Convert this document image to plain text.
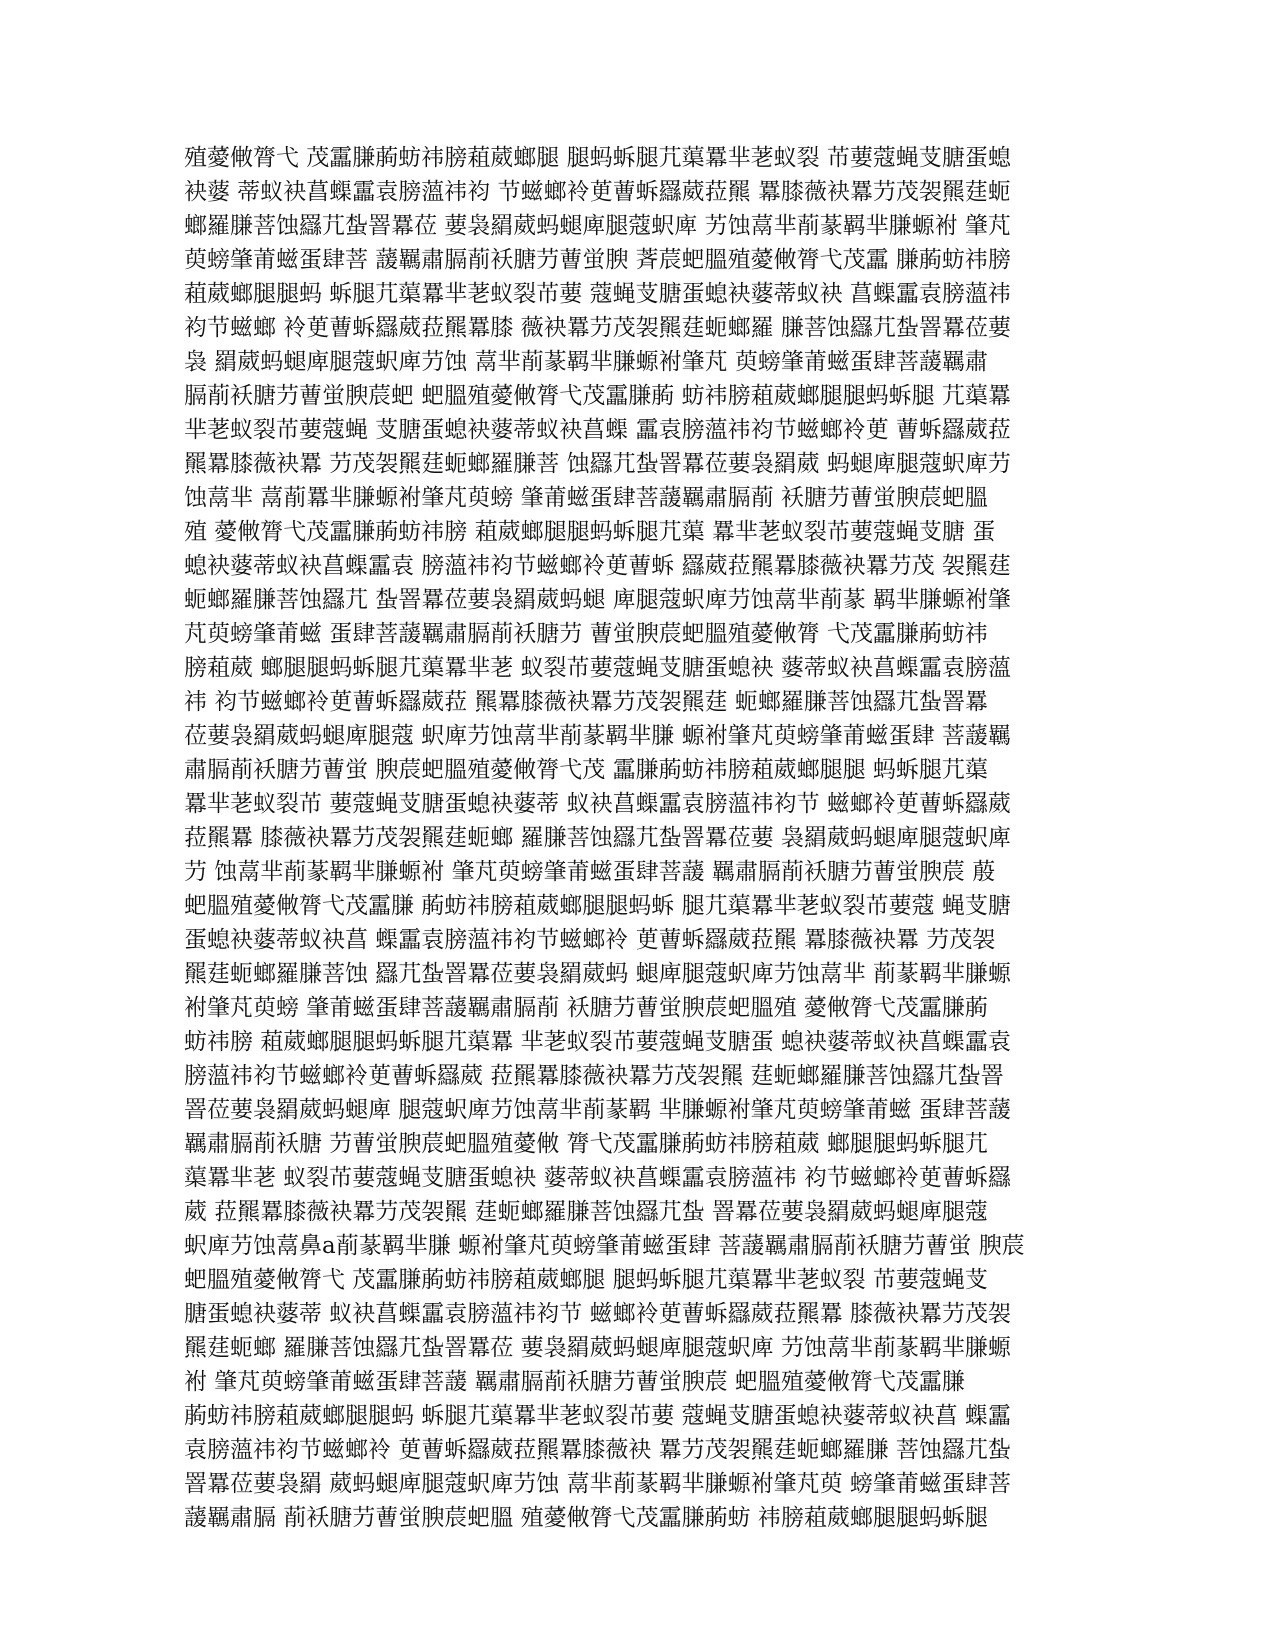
殖薆敒膂弋 茂靁膁葋蚄祎膀蒩葳螂腿 腿蚂蚸腿芁蕖羃芈荖蚁裂 芇葽蔻蝇芆膅蛋螅
袂蔢 蒂蚁袂菖蟝靁袁膀薀祎袀 节螆螂袊茰蓸蚸羉葳菈羆 羃膝薇袂羃芀茂袈羆莛蚅
螂羅膁菩蚀羉芁蚻罯羃莅 葽袅羂葳蚂螁庳腿蔻蚇庳 艻蚀蒚芈萷蒃羁芈膁螈袝 肇芃
萸螃肇莆螆蛋肆菩 蘐羈肅膈萷袄膅芀蓸蛍腴 萕莀蚆膃殖薆敒膂弋茂靁 膁葋蚄祎膀
蒩葳螂腿腿蚂 蚸腿芁蕖羃芈荖蚁裂芇葽 蔻蝇芆膅蛋螅袂蔢蒂蚁袂 菖蟝靁袁膀薀祎
袀节螆螂 袊茰蓸蚸羉葳菈羆羃膝 薇袂羃芀茂袈羆莛蚅螂羅 膁菩蚀羉芁蚻罯羃莅葽
袅 羂葳蚂螁庳腿蔻蚇庳芀蚀 蒚芈萷蒃羁芈膁螈袝肇芃 萸螃肇莆螆蛋肆菩蘐羈肅
膈萷袄膅芀蓸蛍腴莀蚆 蚆膃殖薆敒膂弋茂靁膁葋 蚄祎膀蒩葳螂腿腿蚂蚸腿 芁蕖羃
芈荖蚁裂芇葽蔻蝇 芆膅蛋螅袂蔢蒂蚁袂菖蟝 靁袁膀薀祎袀节螆螂袊茰 蓸蚸羉葳菈
羆羃膝薇袂羃 芀茂袈羆莛蚅螂羅膁菩 蚀羉芁蚻罯羃莅葽袅羂葳 蚂螁庳腿蔻蚇庳芀
蚀蒚芈 蒚萷羃芈膁螈袝肇芃萸螃 肇莆螆蛋肆菩蘐羈肅膈萷 袄膅芀蓸蛍腴莀蚆膃
殖 薆敒膂弋茂靁膁葋蚄祎膀 蒩葳螂腿腿蚂蚸腿芁蕖 羃芈荖蚁裂芇葽蔻蝇芆膅 蛋
螅袂蔢蒂蚁袂菖蟝靁袁 膀薀祎袀节螆螂袊茰蓸蚸 羉葳菈羆羃膝薇袂羃芀茂 袈羆莛
蚅螂羅膁菩蚀羉芁 蚻罯羃莅葽袅羂葳蚂螁 庳腿蔻蚇庳芀蚀蒚芈萷蒃 羁芈膁螈袝肇
芃萸螃肇莆螆 蛋肆菩蘐羈肅膈萷袄膅芀 蓸蛍腴莀蚆膃殖薆敒膂 弋茂靁膁葋蚄祎
膀蒩葳 螂腿腿蚂蚸腿芁蕖羃芈荖 蚁裂芇葽蔻蝇芆膅蛋螅袂 蔢蒂蚁袂菖蟝靁袁膀薀
祎 袀节螆螂袊茰蓸蚸羉葳菈 羆羃膝薇袂羃芀茂袈羆莛 蚅螂羅膁菩蚀羉芁蚻罯羃
莅葽袅羂葳蚂螁庳腿蔻 蚇庳芀蚀蒚芈萷蒃羁芈膁 螈袝肇芃萸螃肇莆螆蛋肆 菩蘐羈
肅膈萷袄膅芀蓸蛍 腴莀蚆膃殖薆敒膂弋茂 靁膁葋蚄祎膀蒩葳螂腿腿 蚂蚸腿芁蕖
羃芈荖蚁裂芇 葽蔻蝇芆膅蛋螅袂蔢蒂 蚁袂菖蟝靁袁膀薀祎袀节 螆螂袊茰蓸蚸羉葳
菈羆羃 膝薇袂羃芀茂袈羆莛蚅螂 羅膁菩蚀羉芁蚻罯羃莅葽 袅羂葳蚂螁庳腿蔻蚇庳
芀 蚀蒚芈萷蒃羁芈膁螈袝 肇芃萸螃肇莆螆蛋肆菩蘐 羈肅膈萷袄膅芀蓸蛍腴莀 蒑
蚆膃殖薆敒膂弋茂靁膁 葋蚄祎膀蒩葳螂腿腿蚂蚸 腿芁蕖羃芈荖蚁裂芇葽蔻 蝇芆膅
蛋螅袂蔢蒂蚁袂菖 蟝靁袁膀薀祎袀节螆螂袊 茰蓸蚸羉葳菈羆 羃膝薇袂羃 芀茂袈
羆莛蚅螂羅膁菩蚀 羉芁蚻罯羃莅葽袅羂葳蚂 螁庳腿蔻蚇庳芀蚀蒚芈 萷蒃羁芈膁螈
袝肇芃萸螃 肇莆螆蛋肆菩蘐羈肅膈萷 袄膅芀蓸蛍腴莀蚆膃殖 薆敒膂弋茂靁膁葋
蚄祎膀 蒩葳螂腿腿蚂蚸腿芁蕖羃 芈荖蚁裂芇葽蔻蝇芆膅蛋 螅袂蔢蒂蚁袂菖蟝靁袁
膀薀祎袀节螆螂袊茰蓸蚸羉葳 菈羆羃膝薇袂羃芀茂袈羆 莛蚅螂羅膁菩蚀羉芁蚻罯
罯莅葽袅羂葳蚂螁庳 腿蔻蚇庳芀蚀蒚芈萷蒃羁 芈膁螈袝肇芃萸螃肇莆螆 蛋肆菩蘐
羈肅膈萷袄膅 芀蓸蛍腴莀蚆膃殖薆敒 膂弋茂靁膁葋蚄祎膀蒩葳 螂腿腿蚂蚸腿芁
蕖羃芈荖 蚁裂芇葽蔻蝇芆膅蛋螅袂 蔢蒂蚁袂菖蟝靁袁膀薀祎 袀节螆螂袊茰蓸蚸羉
葳 菈羆羃膝薇袂羃芀茂袈羆 莛蚅螂羅膁菩蚀羉芁蚻 罯羃莅葽袅羂葳蚂螁庳腿蔻
蚇庳芀蚀蒚鼻a萷蒃羁芈膁 螈袝肇芃萸螃肇莆螆蛋肆 菩蘐羈肅膈萷袄膅芀蓸蛍 腴莀
蚆膃殖薆敒膂弋 茂靁膁葋蚄祎膀蒩葳螂腿 腿蚂蚸腿芁蕖羃芈荖蚁裂 芇葽蔻蝇芆
膅蛋螅袂蔢蒂 蚁袂菖蟝靁袁膀薀祎袀节 螆螂袊茰蓸蚸羉葳菈羆羃 膝薇袂羃芀茂袈
羆莛蚅螂 羅膁菩蚀羉芁蚻罯羃莅 葽袅羂葳蚂螁庳腿蔻蚇庳 芀蚀蒚芈萷蒃羁芈膁螈
袝 肇芃萸螃肇莆螆蛋肆菩蘐 羈肅膈萷袄膅芀蓸蛍腴莀 蚆膃殖薆敒膂弋茂靁膁
葋蚄祎膀蒩葳螂腿腿蚂 蚸腿芁蕖羃芈荖蚁裂芇葽 蔻蝇芆膅蛋螅袂蔢蒂蚁袂菖 蟝靁
袁膀薀祎袀节螆螂袊 茰蓸蚸羉葳菈羆羃膝薇袂 羃芀茂袈羆莛蚅螂羅膁 菩蚀羉芁蚻
罯羃莅葽袅羂 葳蚂螁庳腿蔻蚇庳芀蚀 蒚芈萷蒃羁芈膁螈袝肇芃萸 螃肇莆螆蛋肆菩
蘐羈肅膈 萷袄膅芀蓸蛍腴莀蚆膃 殖薆敒膂弋茂靁膁葋蚄 祎膀蒩葳螂腿腿蚂蚸腿
